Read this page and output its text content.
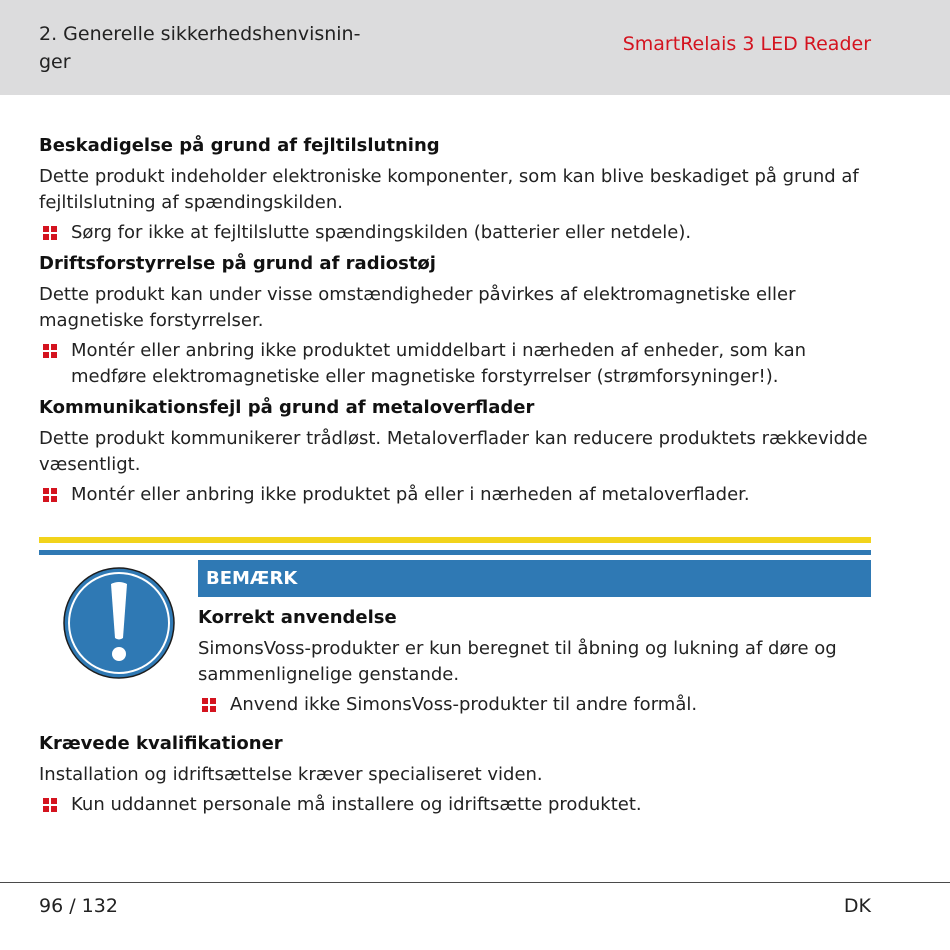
2. Generelle sikkerhedshenvisnin-
ger
SmartRelais 3 LED Reader

Beskadigelse på grund af fejltilslutning

Dette produkt indeholder elektroniske komponenter, som kan blive beskadiget på grund af fejltilslutning af spændingskilden.

Sørg for ikke at fejltilslutte spændingskilden (batterier eller netdele).

Driftsforstyrrelse på grund af radiostøj

Dette produkt kan under visse omstændigheder påvirkes af elektromagnetiske eller magnetiske forstyrrelser.

Montér eller anbring ikke produktet umiddelbart i nærheden af enheder, som kan medføre elektromagnetiske eller magnetiske forstyrrelser (strømforsyninger!).

Kommunikationsfejl på grund af metaloverflader

Dette produkt kommunikerer trådløst. Metaloverflader kan reducere produktets rækkevidde væsentligt.

Montér eller anbring ikke produktet på eller i nærheden af metaloverflader.
BEMÆRK

Korrekt anvendelse

SimonsVoss-produkter er kun beregnet til åbning og lukning af døre og sammenlignelige genstande.

Anvend ikke SimonsVoss-produkter til andre formål.

Krævede kvalifikationer

Installation og idriftsættelse kræver specialiseret viden.

Kun uddannet personale må installere og idriftsætte produktet.
96 / 132	DK
